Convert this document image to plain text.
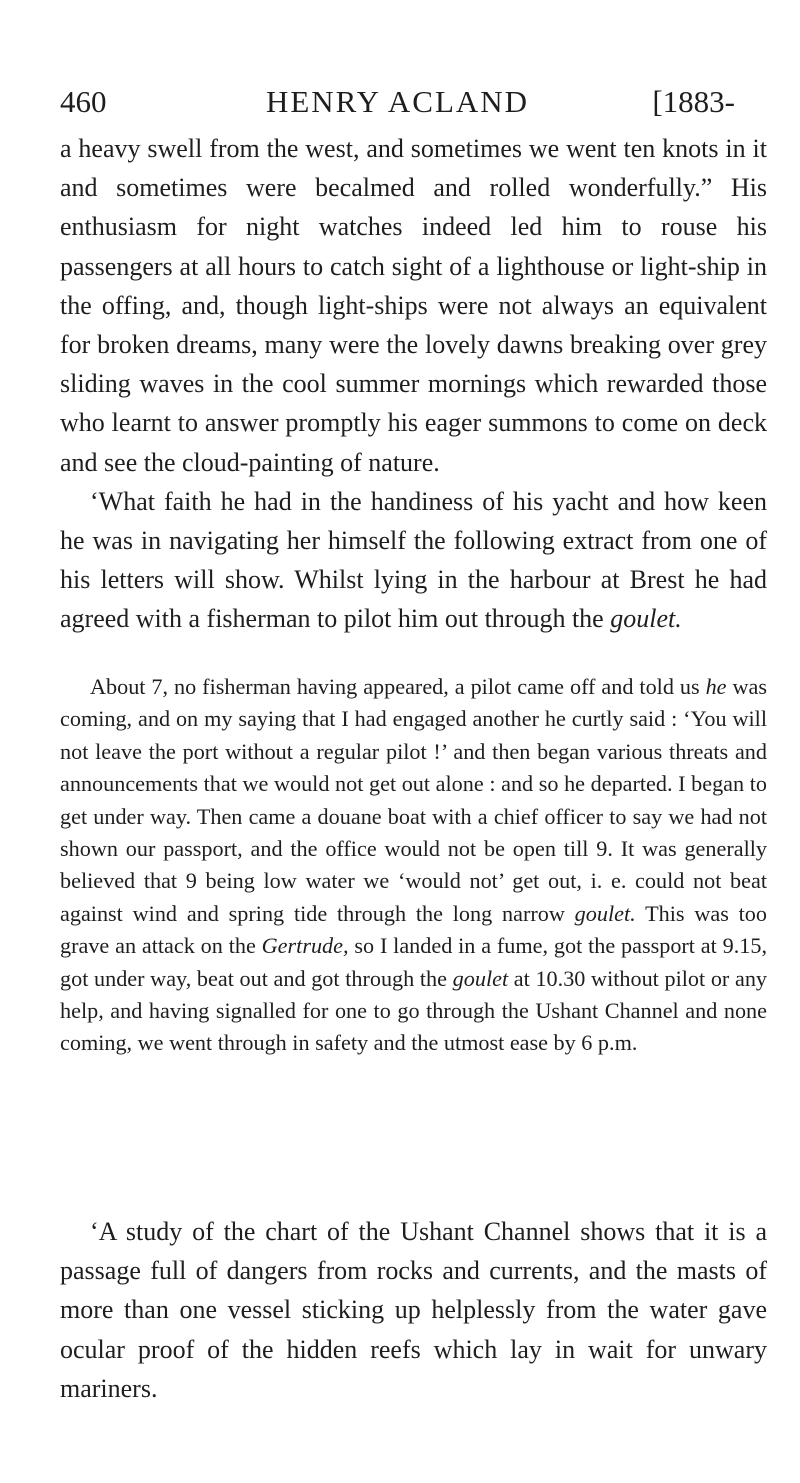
460	HENRY ACLAND	[1883-

a heavy swell from the west, and sometimes we went ten knots in it and sometimes were becalmed and rolled wonderfully.” His enthusiasm for night watches indeed led him to rouse his passengers at all hours to catch sight of a lighthouse or light-ship in the offing, and, though light-ships were not always an equivalent for broken dreams, many were the lovely dawns breaking over grey sliding waves in the cool summer mornings which rewarded those who learnt to answer promptly his eager summons to come on deck and see the cloud-painting of nature.

‘What faith he had in the handiness of his yacht and how keen he was in navigating her himself the following extract from one of his letters will show. Whilst lying in the harbour at Brest he had agreed with a fisherman to pilot him out through the goulet.

About 7, no fisherman having appeared, a pilot came off and told us he was coming, and on my saying that I had engaged another he curtly said : ‘You will not leave the port without a regular pilot !’ and then began various threats and announcements that we would not get out alone : and so he departed. I began to get under way. Then came a douane boat with a chief officer to say we had not shown our passport, and the office would not be open till 9. It was generally believed that 9 being low water we ‘would not’ get out, i. e. could not beat against wind and spring tide through the long narrow goulet. This was too grave an attack on the Gertrude, so I landed in a fume, got the passport at 9.15, got under way, beat out and got through the goulet at 10.30 without pilot or any help, and having signalled for one to go through the Ushant Channel and none coming, we went through in safety and the utmost ease by 6 p.m.

‘A study of the chart of the Ushant Channel shows that it is a passage full of dangers from rocks and currents, and the masts of more than one vessel sticking up helplessly from the water gave ocular proof of the hidden reefs which lay in wait for unwary mariners.
